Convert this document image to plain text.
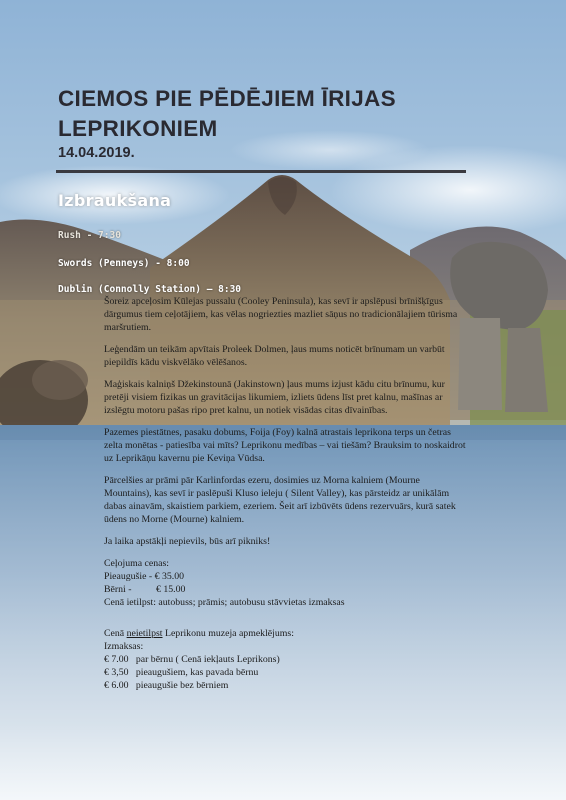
CIEMOS PIE PĒDĒJIEM ĪRIJAS LEPRIKONIEM
14.04.2019.
Izbraukšana
Rush - 7:30
Swords (Penneys) - 8:00
Dublin (Connolly Station) – 8:30

Šoreiz apceļosim Kūlejas pussalu (Cooley Peninsula), kas sevī ir apslēpusi brīnišķīgus dārgumus tiem ceļotājiem, kas vēlas nogriezties mazliet sāņus no tradicionālajiem tūrisma maršrutiem.

Leģendām un teikām apvītais Proleek Dolmen, ļaus mums noticēt brīnumam un varbūt piepildīs kādu viskvēlāko vēlēšanos.

Maģiskais kalniņš Džekinstounā (Jakinstown) ļaus mums izjust kādu citu brīnumu, kur pretēji visiem fizikas un gravitācijas likumiem, izliets ūdens līst pret kalnu, mašīnas ar izslēgtu motoru pašas ripo pret kalnu, un notiek visādas citas dīvainības.

Pazemes piestātnes, pasaku dobums, Foija (Foy) kalnā atrastais leprikona terps un četras zelta monētas - patiesība vai mīts? Leprikonu medības – vai tiešām? Brauksim to noskaidrot uz Leprikāņu kavernu pie Keviņa Vūdsa.

Pārcelšies ar prāmi pār Karlinfordas ezeru, dosimies uz Morna kalniem (Mourne Mountains), kas sevī ir paslēpuši Kluso ieleju ( Silent Valley), kas pārsteidz ar unikālām dabas ainavām, skaistiem parkiem, ezeriem. Šeit arī izbūvēts ūdens rezervuārs, kurā satek ūdens no Morne (Mourne) kalniem.

Ja laika apstākļi nepievils, būs arī pikniks!

Ceļojuma cenas:
Pieaugušie - € 35.00
Bērni -          € 15.00
Cenā ietilpst: autobuss; prāmis; autobusu stāvvietas izmaksas
Cenā neietilpst Leprikonu muzeja apmeklējums:
Izmaksas:
€ 7.00   par bērnu ( Cenā iekļauts Leprikons)
€ 3,50   pieaugušiem, kas pavada bērnu
€ 6.00   pieaugušie bez bērniem
